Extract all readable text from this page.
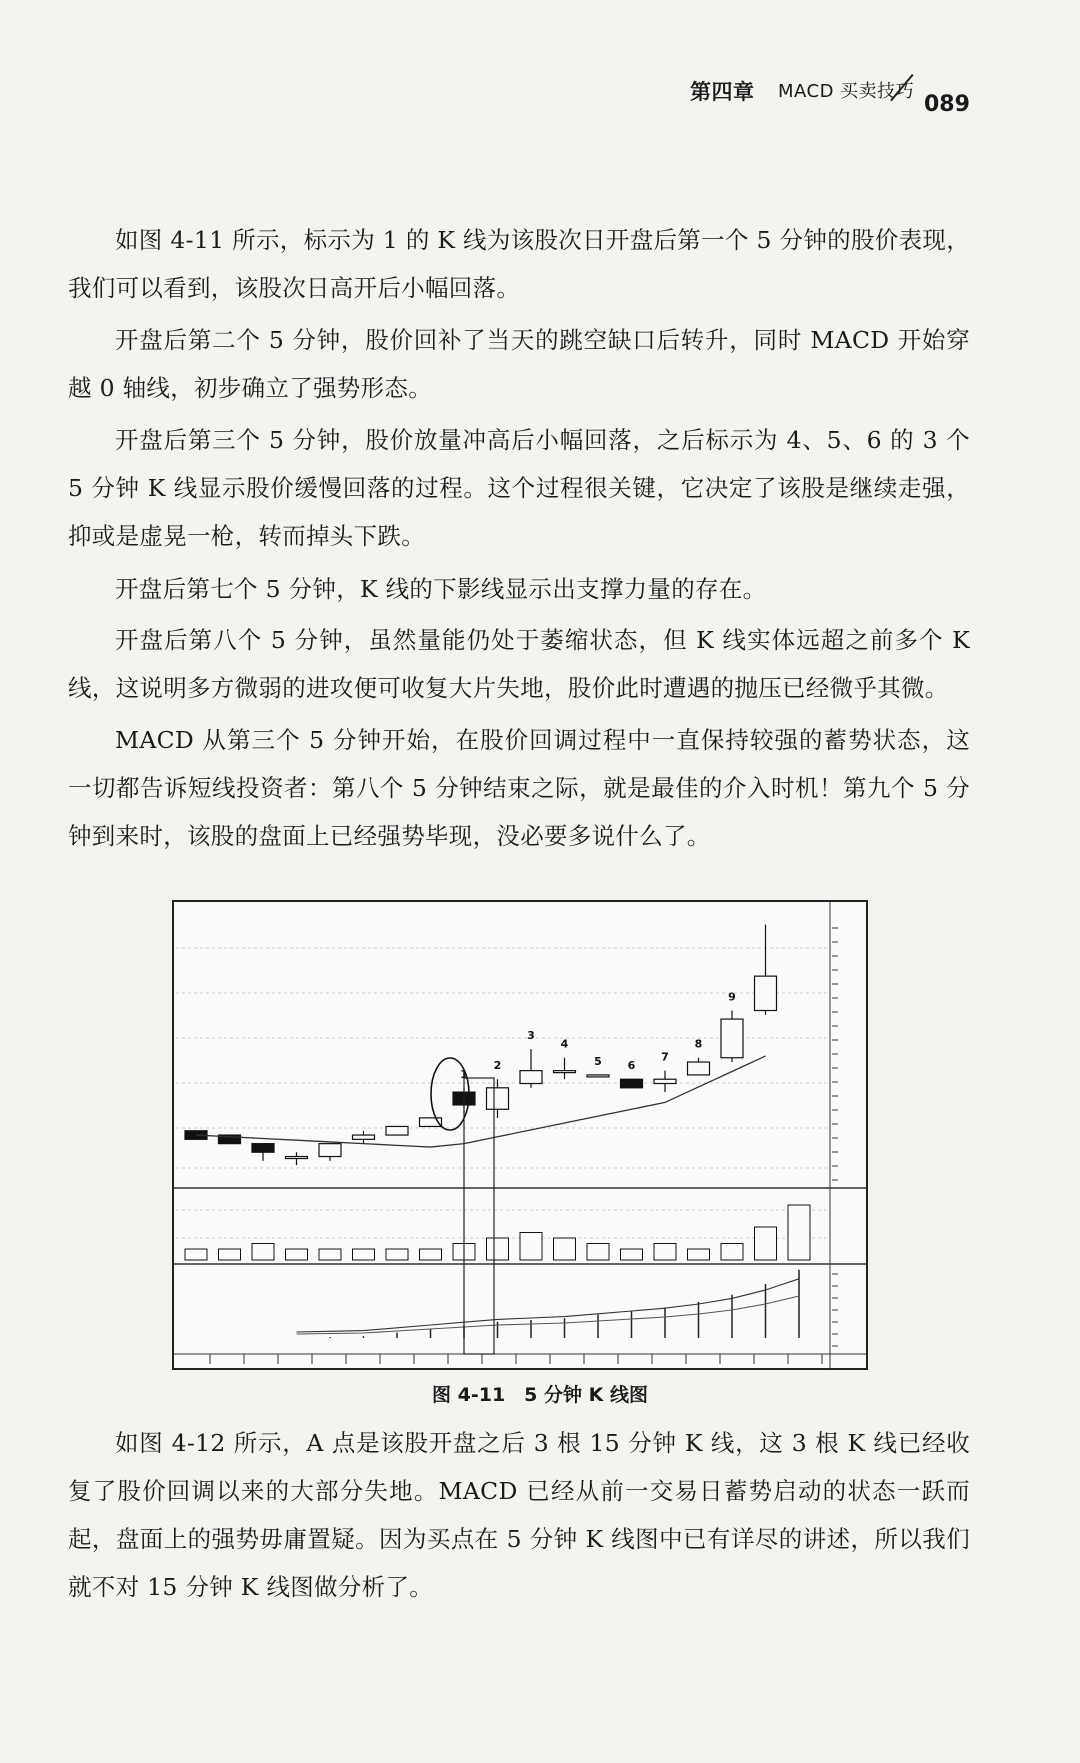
第四章 MACD 买卖技巧
089

如图 4-11 所示，标示为 1 的 K 线为该股次日开盘后第一个 5 分钟的股价表现，我们可以看到，该股次日高开后小幅回落。

开盘后第二个 5 分钟，股价回补了当天的跳空缺口后转升，同时 MACD 开始穿越 0 轴线，初步确立了强势形态。

开盘后第三个 5 分钟，股价放量冲高后小幅回落，之后标示为 4、5、6 的 3 个 5 分钟 K 线显示股价缓慢回落的过程。这个过程很关键，它决定了该股是继续走强，抑或是虚晃一枪，转而掉头下跌。

开盘后第七个 5 分钟，K 线的下影线显示出支撑力量的存在。

开盘后第八个 5 分钟，虽然量能仍处于萎缩状态，但 K 线实体远超之前多个 K 线，这说明多方微弱的进攻便可收复大片失地，股价此时遭遇的抛压已经微乎其微。

MACD 从第三个 5 分钟开始，在股价回调过程中一直保持较强的蓄势状态，这一切都告诉短线投资者：第八个 5 分钟结束之际，就是最佳的介入时机！第九个 5 分钟到来时，该股的盘面上已经强势毕现，没必要多说什么了。

1
2
3
4
5 6
7
8
9
图 4-11　5 分钟 K 线图

如图 4-12 所示，A 点是该股开盘之后 3 根 15 分钟 K 线，这 3 根 K 线已经收复了股价回调以来的大部分失地。MACD 已经从前一交易日蓄势启动的状态一跃而起，盘面上的强势毋庸置疑。因为买点在 5 分钟 K 线图中已有详尽的讲述，所以我们就不对 15 分钟 K 线图做分析了。
